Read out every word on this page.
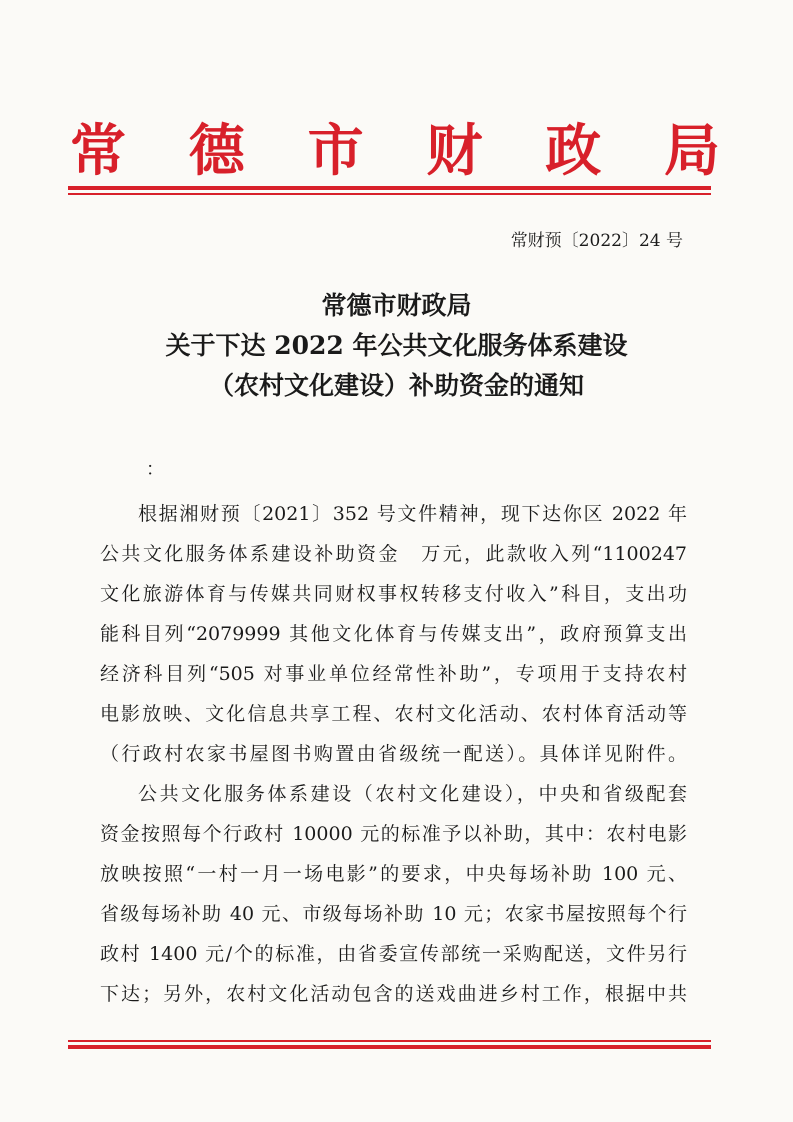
常 德 市 财 政 局
常财预〔2022〕24 号
常德市财政局
关于下达 2022 年公共文化服务体系建设
（农村文化建设）补助资金的通知
：
根据湘财预〔2021〕352 号文件精神，现下达你区 2022 年
公共文化服务体系建设补助资金　万元，此款收入列“1100247
文化旅游体育与传媒共同财权事权转移支付收入”科目，支出功
能科目列“2079999 其他文化体育与传媒支出”，政府预算支出
经济科目列“505 对事业单位经常性补助”，专项用于支持农村
电影放映、文化信息共享工程、农村文化活动、农村体育活动等
（行政村农家书屋图书购置由省级统一配送）。具体详见附件。
公共文化服务体系建设（农村文化建设），中央和省级配套
资金按照每个行政村 10000 元的标准予以补助，其中：农村电影
放映按照“一村一月一场电影”的要求，中央每场补助 100 元、
省级每场补助 40 元、市级每场补助 10 元；农家书屋按照每个行
政村 1400 元/个的标准，由省委宣传部统一采购配送，文件另行
下达；另外，农村文化活动包含的送戏曲进乡村工作，根据中共
